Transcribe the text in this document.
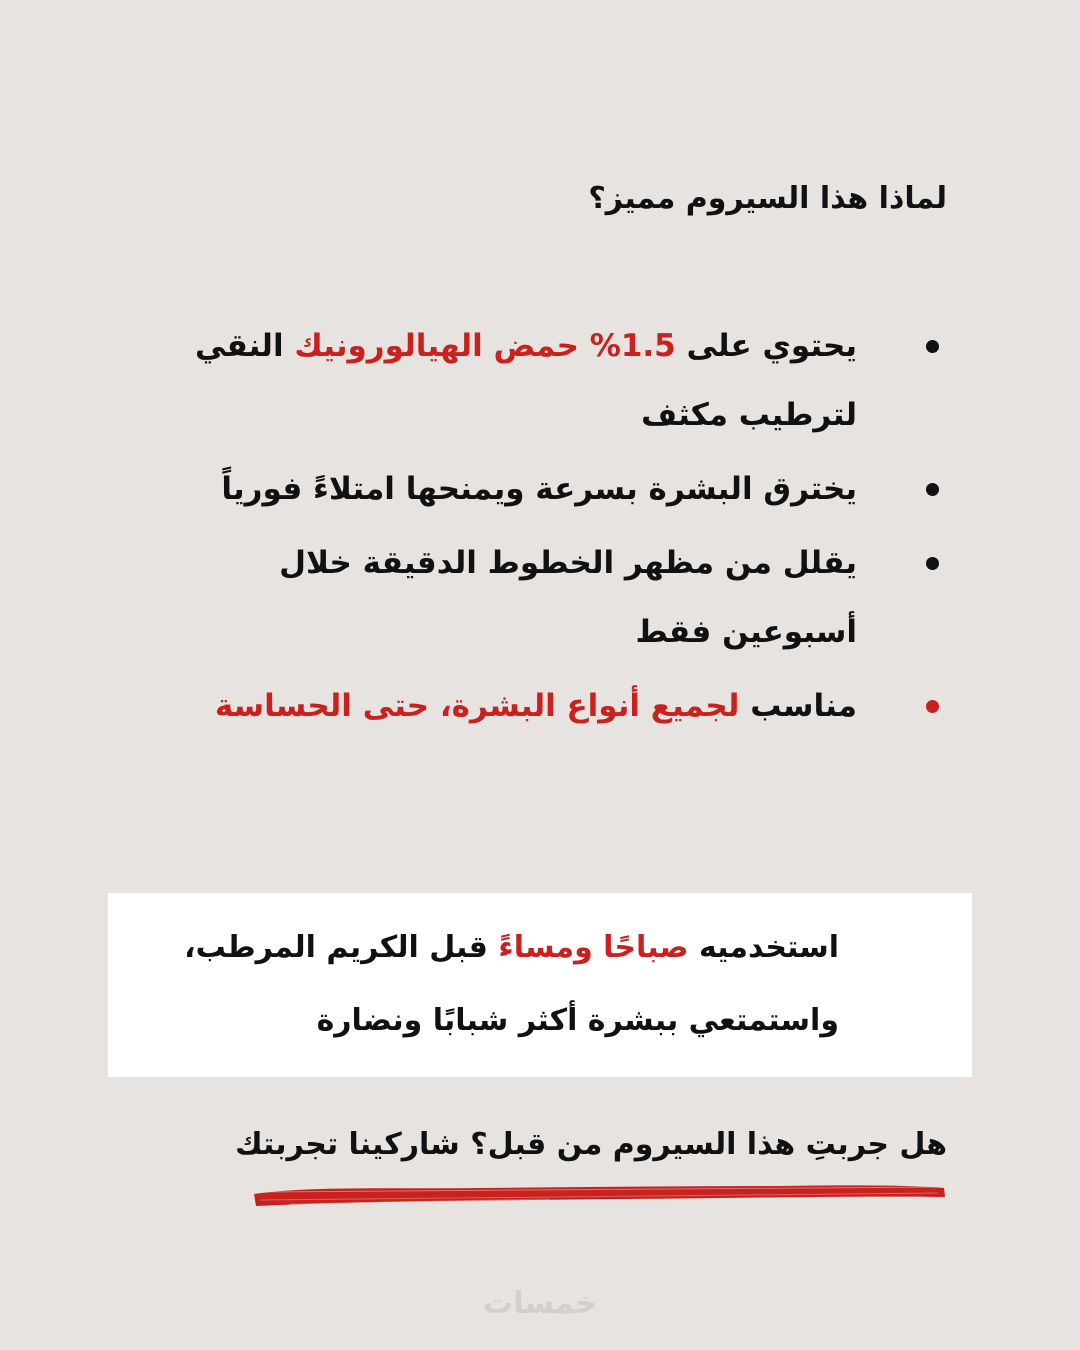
لماذا هذا السيروم مميز؟
يحتوي على 1.5% حمض الهيالورونيك النقي لترطيب مكثف
يخترق البشرة بسرعة ويمنحها امتلاءً فورياً
يقلل من مظهر الخطوط الدقيقة خلال أسبوعين فقط
مناسب لجميع أنواع البشرة، حتى الحساسة
استخدميه صباحًا ومساءً قبل الكريم المرطب، واستمتعي ببشرة أكثر شبابًا ونضارة
هل جربتِ هذا السيروم من قبل؟ شاركينا تجربتك
خمسات
